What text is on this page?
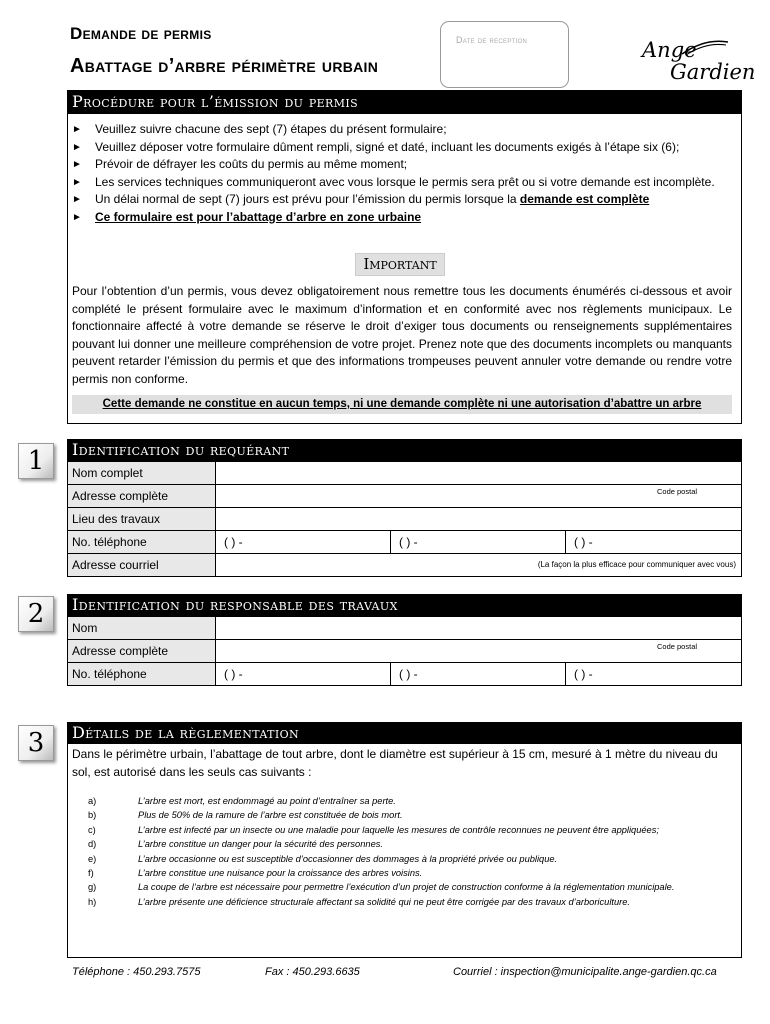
Demande de permis
Abattage d’arbre périmètre urbain
Date de reception	Ange
Gardien
Procédure pour l’émission du permis
► Veuillez suivre chacune des sept (7) étapes du présent formulaire;
► Veuillez déposer votre formulaire dûment rempli, signé et daté, incluant les documents exigés à l’étape six (6);
► Prévoir de défrayer les coûts du permis au même moment;
► Les services techniques communiqueront avec vous lorsque le permis sera prêt ou si votre demande est incomplète.
► Un délai normal de sept (7) jours est prévu pour l’émission du permis lorsque la demande est complète
► Ce formulaire est pour l’abattage d’arbre en zone urbaine
Important
Pour l’obtention d’un permis, vous devez obligatoirement nous remettre tous les documents énumérés ci-dessous et avoir complété le présent formulaire avec le maximum d’information et en conformité avec nos règlements municipaux. Le fonctionnaire affecté à votre demande se réserve le droit d’exiger tous documents ou renseignements supplémentaires pouvant lui donner une meilleure compréhension de votre projet. Prenez note que des documents incomplets ou manquants peuvent retarder l’émission du permis et que des informations trompeuses peuvent annuler votre demande ou rendre votre permis non conforme.
Cette demande ne constitue en aucun temps, ni une demande complète ni une autorisation d’abattre un arbre
1	Identification du requérant
Nom complet			
Adresse complète	Code postal		

Lieu des travaux			
No. téléphone	( ) -	( ) -	( ) -
Adresse courriel	(La façon la plus efficace pour communiquer avec vous)		
2	Identification du responsable des travaux
Nom			
Adresse complète	Code postal		

No. téléphone	( ) -	( ) -	( ) -
3	Détails de la règlementation
Dans le périmètre urbain, l’abattage de tout arbre, dont le diamètre est supérieur à 15 cm, mesuré à 1 mètre du niveau du sol, est autorisé dans les seuls cas suivants :
a)	L’arbre est mort, est endommagé au point d’entraîner sa perte.
b)	Plus de 50% de la ramure de l’arbre est constituée de bois mort.
c)	L’arbre est infecté par un insecte ou une maladie pour laquelle les mesures de contrôle reconnues ne peuvent être appliquées;
d)	L’arbre constitue un danger pour la sécurité des personnes.
e)	L’arbre occasionne ou est susceptible d’occasionner des dommages à la propriété privée ou publique.
f)	L’arbre constitue une nuisance pour la croissance des arbres voisins.
g)	La coupe de l’arbre est nécessaire pour permettre l’exécution d’un projet de construction conforme à la réglementation municipale.
h)	L’arbre présente une déficience structurale affectant sa solidité qui ne peut être corrigée par des travaux d’arboriculture.
Téléphone : 450.293.7575	Fax : 450.293.6635	Courriel : inspection@municipalite.ange-gardien.qc.ca
